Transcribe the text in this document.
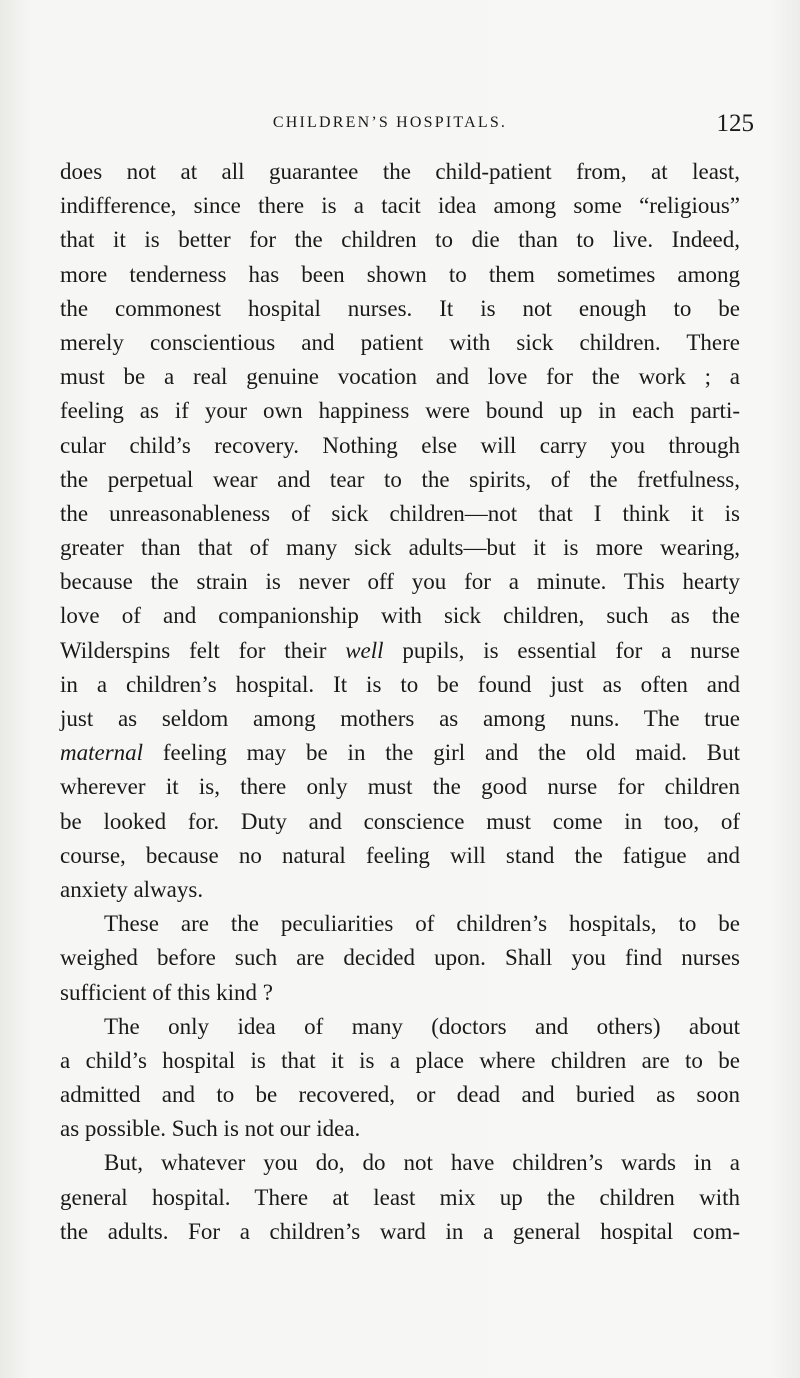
CHILDREN’S HOSPITALS.	125
does not at all guarantee the child-patient from, at least,
indifference, since there is a tacit idea among some “religious”
that it is better for the children to die than to live. Indeed,
more tenderness has been shown to them sometimes among
the commonest hospital nurses. It is not enough to be
merely conscientious and patient with sick children. There
must be a real genuine vocation and love for the work ; a
feeling as if your own happiness were bound up in each parti-
cular child’s recovery. Nothing else will carry you through
the perpetual wear and tear to the spirits, of the fretfulness,
the unreasonableness of sick children—not that I think it is
greater than that of many sick adults—but it is more wearing,
because the strain is never off you for a minute. This hearty
love of and companionship with sick children, such as the
Wilderspins felt for their well pupils, is essential for a nurse
in a children’s hospital. It is to be found just as often and
just as seldom among mothers as among nuns. The true
maternal feeling may be in the girl and the old maid. But
wherever it is, there only must the good nurse for children
be looked for. Duty and conscience must come in too, of
course, because no natural feeling will stand the fatigue and
anxiety always.
These are the peculiarities of children’s hospitals, to be
weighed before such are decided upon. Shall you find nurses
sufficient of this kind ?
The only idea of many (doctors and others) about
a child’s hospital is that it is a place where children are to be
admitted and to be recovered, or dead and buried as soon
as possible. Such is not our idea.
But, whatever you do, do not have children’s wards in a
general hospital. There at least mix up the children with
the adults. For a children’s ward in a general hospital com-
